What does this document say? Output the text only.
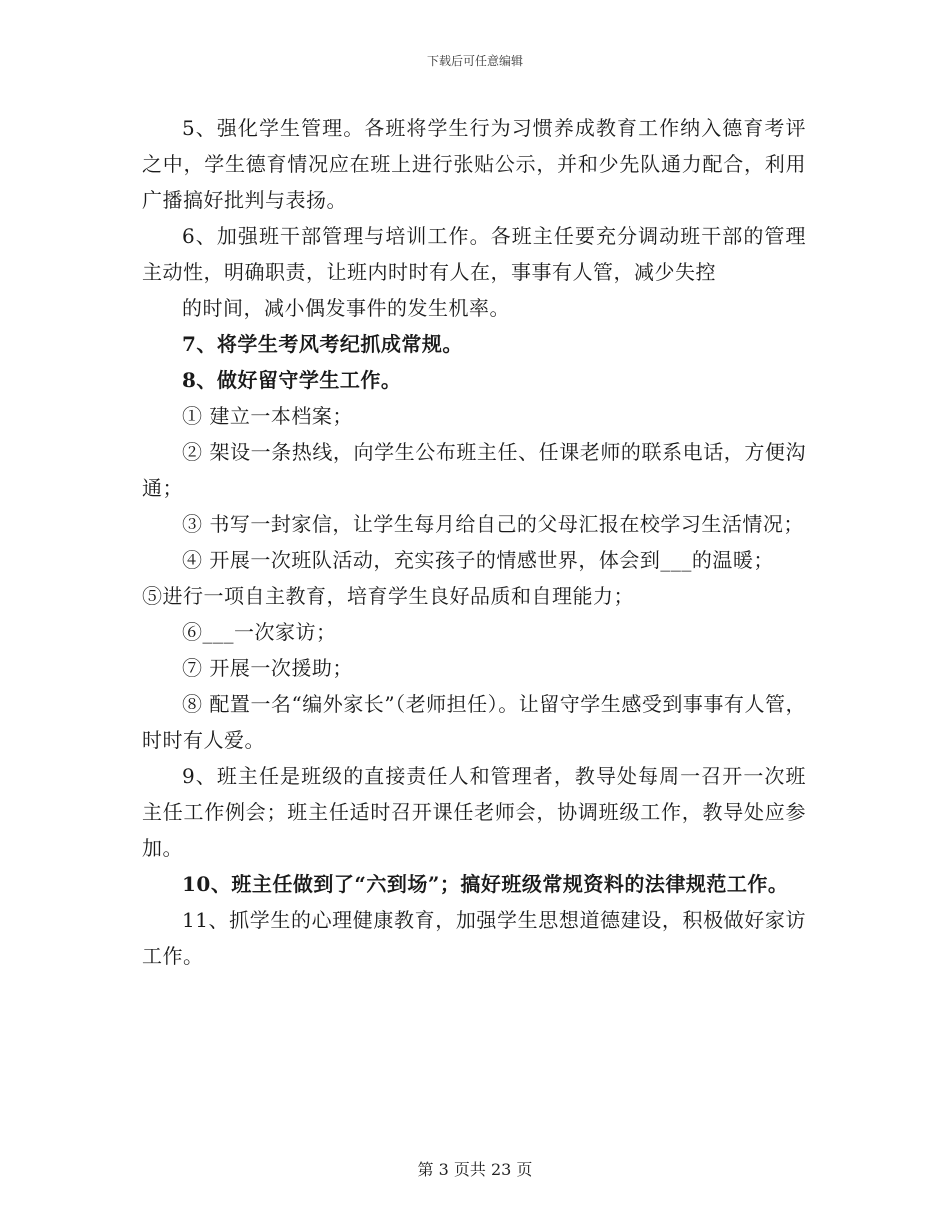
下载后可任意编辑

5、强化学生管理。各班将学生行为习惯养成教育工作纳入德育考评之中，学生德育情况应在班上进行张贴公示，并和少先队通力配合，利用广播搞好批判与表扬。

6、加强班干部管理与培训工作。各班主任要充分调动班干部的管理主动性，明确职责，让班内时时有人在，事事有人管，减少失控

的时间，减小偶发事件的发生机率。

7、将学生考风考纪抓成常规。

8、做好留守学生工作。

① 建立一本档案；

② 架设一条热线，向学生公布班主任、任课老师的联系电话，方便沟通；

③ 书写一封家信，让学生每月给自己的父母汇报在校学习生活情况；

④ 开展一次班队活动，充实孩子的情感世界，体会到___的温暖；

⑤进行一项自主教育，培育学生良好品质和自理能力；

⑥___一次家访；

⑦ 开展一次援助；

⑧ 配置一名“编外家长”（老师担任）。让留守学生感受到事事有人管，时时有人爱。

9、班主任是班级的直接责任人和管理者，教导处每周一召开一次班主任工作例会；班主任适时召开课任老师会，协调班级工作，教导处应参加。

10、班主任做到了“六到场”；搞好班级常规资料的法律规范工作。

11、抓学生的心理健康教育，加强学生思想道德建设，积极做好家访工作。

第 3 页共 23 页
